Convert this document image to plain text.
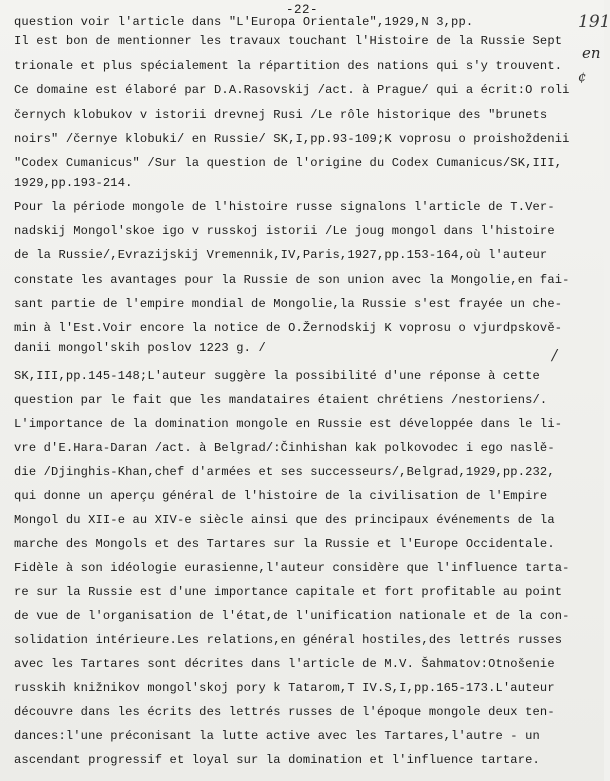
-22-
191
en
¢
/
question voir l'article dans "L'Europa Orientale",1929,N 3,pp.
Il est bon de mentionner les travaux touchant l'Histoire de la Russie Sept
trionale et plus spécialement la répartition des nations qui s'y trouvent.
Ce domaine est élaboré par D.A.Rasovskij /act. à Prague/ qui a écrit:O roli
černych klobukov v istorii drevnej Rusi /Le rôle historique des "brunets
noirs" /černye klobuki/ en Russie/ SK,I,pp.93-109;K voprosu o proishoždenii
"Codex Cumanicus" /Sur la question de l'origine du Codex Cumanicus/SK,III,
1929,pp.193-214.
Pour la période mongole de l'histoire russe signalons l'article de T.Ver-
nadskij Mongol'skoe igo v russkoj istorii /Le joug mongol dans l'histoire
de la Russie/,Evrazijskij Vremennik,IV,Paris,1927,pp.153-164,où l'auteur
constate les avantages pour la Russie de son union avec la Mongolie,en fai-
sant partie de l'empire mondial de Mongolie,la Russie s'est frayée un che-
min à l'Est.Voir encore la notice de O.Žernodskij K voprosu o vjurdpskově-
danii mongol'skih poslov 1223 g. /
SK,III,pp.145-148;L'auteur suggère la possibilité d'une réponse à cette
question par le fait que les mandataires étaient chrétiens /nestoriens/.
L'importance de la domination mongole en Russie est développée dans le li-
vre d'E.Hara-Daran /act. à Belgrad/:Činhishan kak polkovodec i ego naslě-
die /Djinghis-Khan,chef d'armées et ses successeurs/,Belgrad,1929,pp.232,
qui donne un aperçu général de l'histoire de la civilisation de l'Empire
Mongol du XII-e au XIV-e siècle ainsi que des principaux événements de la
marche des Mongols et des Tartares sur la Russie et l'Europe Occidentale.
Fidèle à son idéologie eurasienne,l'auteur considère que l'influence tarta-
re sur la Russie est d'une importance capitale et fort profitable au point
de vue de l'organisation de l'état,de l'unification nationale et de la con-
solidation intérieure.Les relations,en général hostiles,des lettrés russes
avec les Tartares sont décrites dans l'article de M.V. Šahmatov:Otnošenie
russkih knižnikov mongol'skoj pory k Tatarom,T IV.S,I,pp.165-173.L'auteur
découvre dans les écrits des lettrés russes de l'époque mongole deux ten-
dances:l'une préconisant la lutte active avec les Tartares,l'autre - un
ascendant progressif et loyal sur la domination et l'influence tartare.
